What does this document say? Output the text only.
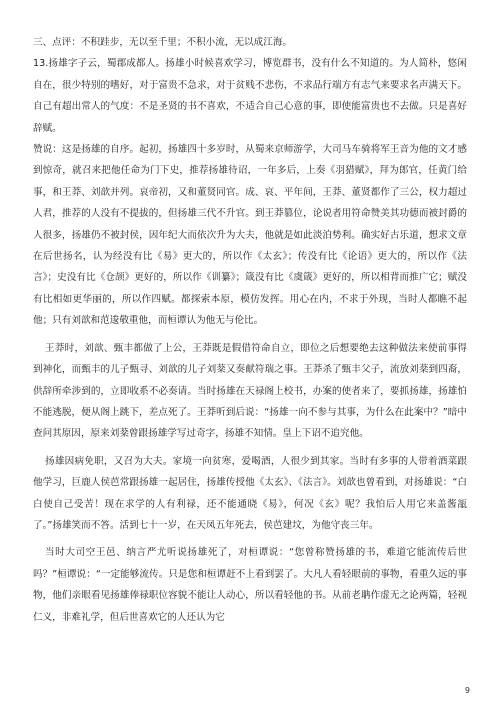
三、点评：不积跬步，无以至千里；不积小流，无以成江海。

13.扬雄字子云，蜀郡成都人。扬雄小时候喜欢学习，博览群书，没有什么不知道的。为人简朴，悠闲自在，很少特别的嗜好，对于富贵不急求，对于贫贱不悲伤，不求品行端方有志气来要求名声满天下。自己有超出常人的气度：不是圣贤的书不喜欢，不适合自己心意的事，即使能富贵也不去做。只是喜好辞赋。

赞说：这是扬雄的自序。起初，扬雄四十多岁时，从蜀来京师游学，大司马车骑将军王音为他的文才感到惊奇，就召来把他任命为门下史，推荐扬雄待诏，一年多后，上奏《羽猎赋》，拜为郎官，任黄门给事，和王莽、刘歆并列。哀帝初，又和董贤同官。成、哀、平年间，王莽、董贤都作了三公，权力超过人君，推荐的人没有不提拔的，但扬雄三代不升官。到王莽篡位，论说者用符命赞美其功德而被封爵的人很多，扬雄仍不被封侯，因年纪大而依次升为大夫，他就是如此淡泊势利。确实好古乐道，想求文章在后世扬名，认为经没有比《易》更大的，所以作《太玄》；传没有比《论语》更大的，所以作《法言》；史没有比《仓颉》更好的，所以作《训纂》；箴没有比《虞箴》更好的，所以相背而推广它；赋没有比相如更华丽的，所以作四赋。都探索本原，模仿发挥。用心在内，不求于外现，当时人都瞧不起他；只有刘歆和范逡敬重他，而桓谭认为他无与伦比。

王莽时，刘歆、甄丰都做了上公，王莽既是假借符命自立，即位之后想要绝去这种做法来使前事得到神化，而甄丰的儿子甄寻、刘歆的儿子刘棻又奏献符瑞之事。王莽杀了甄丰父子，流放刘棻到四裔，供辞所牵涉到的，立即收系不必奏请。当时扬雄在天禄阁上校书，办案的使者来了，要抓扬雄，扬雄怕不能逃脱，便从阁上跳下，差点死了。王莽听到后说：“扬雄一向不参与其事，为什么在此案中？”暗中查问其原因，原来刘棻曾跟扬雄学写过奇字，扬雄不知情。皇上下诏不追究他。

扬雄因病免职，又召为大夫。家境一向贫寒，爱喝酒，人很少到其家。当时有多事的人带着酒菜跟他学习，巨鹿人侯芭常跟扬雄一起居住，扬雄传授他《太玄》、《法言》。刘歆也曾看到，对扬雄说：“白白使自己受苦！现在求学的人有利禄，还不能通晓《易》，何况《玄》呢？我怕后人用它来盖酱瓿了。”扬雄笑而不答。活到七十一岁，在天凤五年死去，侯芭建坟，为他守丧三年。

当时大司空王邑、纳言严尤听说扬雄死了，对桓谭说：“您曾称赞扬雄的书，难道它能流传后世吗？”桓谭说：“一定能够流传。只是您和桓谭赶不上看到罢了。大凡人看轻眼前的事物，看重久远的事物，他们亲眼看见扬雄俸禄职位容貌不能让人动心，所以看轻他的书。从前老聃作虚无之论两篇，轻视仁义，非难礼学，但后世喜欢它的人还认为它

9
